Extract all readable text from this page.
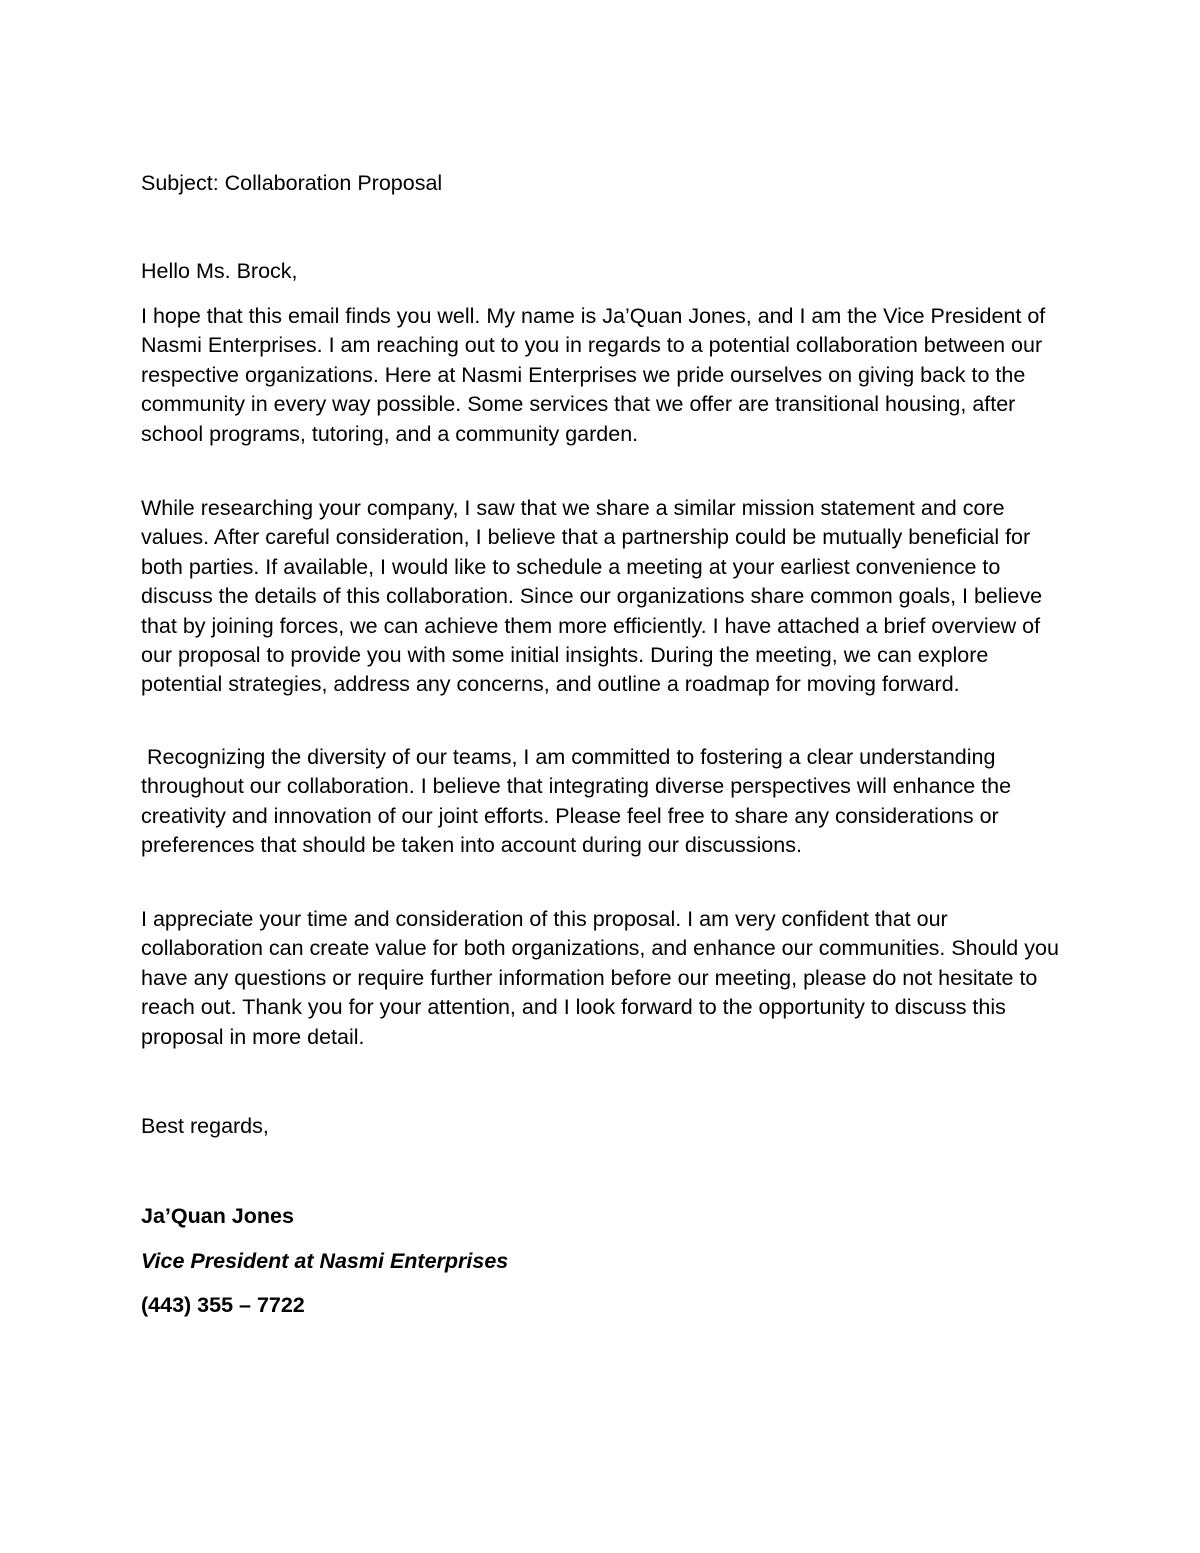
Subject: Collaboration Proposal

Hello Ms. Brock,

I hope that this email finds you well. My name is Ja’Quan Jones, and I am the Vice President of Nasmi Enterprises. I am reaching out to you in regards to a potential collaboration between our respective organizations. Here at Nasmi Enterprises we pride ourselves on giving back to the community in every way possible. Some services that we offer are transitional housing, after school programs, tutoring, and a community garden.

While researching your company, I saw that we share a similar mission statement and core values. After careful consideration, I believe that a partnership could be mutually beneficial for both parties. If available, I would like to schedule a meeting at your earliest convenience to discuss the details of this collaboration. Since our organizations share common goals, I believe that by joining forces, we can achieve them more efficiently. I have attached a brief overview of our proposal to provide you with some initial insights. During the meeting, we can explore potential strategies, address any concerns, and outline a roadmap for moving forward.

Recognizing the diversity of our teams, I am committed to fostering a clear understanding throughout our collaboration. I believe that integrating diverse perspectives will enhance the creativity and innovation of our joint efforts. Please feel free to share any considerations or preferences that should be taken into account during our discussions.

I appreciate your time and consideration of this proposal. I am very confident that our collaboration can create value for both organizations, and enhance our communities. Should you have any questions or require further information before our meeting, please do not hesitate to reach out. Thank you for your attention, and I look forward to the opportunity to discuss this proposal in more detail.

Best regards,

Ja’Quan Jones

Vice President at Nasmi Enterprises

(443) 355 – 7722
